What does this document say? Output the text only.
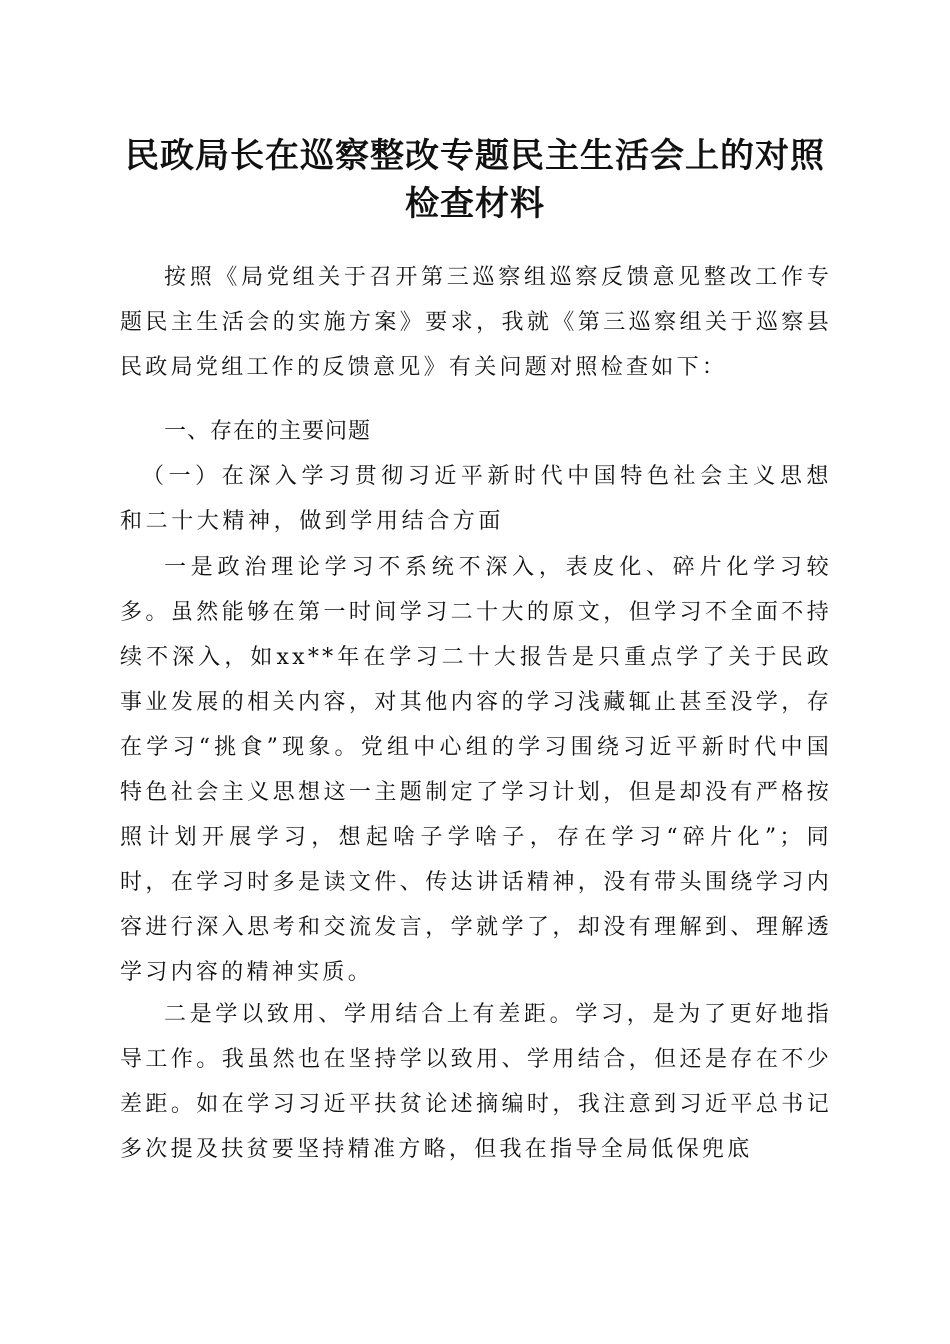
民政局长在巡察整改专题民主生活会上的对照
检查材料

按照《局党组关于召开第三巡察组巡察反馈意见整改工作专题民主生活会的实施方案》要求，我就《第三巡察组关于巡察县民政局党组工作的反馈意见》有关问题对照检查如下：

一、存在的主要问题

（一）在深入学习贯彻习近平新时代中国特色社会主义思想和二十大精神，做到学用结合方面

一是政治理论学习不系统不深入，表皮化、碎片化学习较多。虽然能够在第一时间学习二十大的原文，但学习不全面不持续不深入，如xx**年在学习二十大报告是只重点学了关于民政事业发展的相关内容，对其他内容的学习浅藏辄止甚至没学，存在学习“挑食”现象。党组中心组的学习围绕习近平新时代中国特色社会主义思想这一主题制定了学习计划，但是却没有严格按照计划开展学习，想起啥子学啥子，存在学习“碎片化”；同时，在学习时多是读文件、传达讲话精神，没有带头围绕学习内容进行深入思考和交流发言，学就学了，却没有理解到、理解透学习内容的精神实质。

二是学以致用、学用结合上有差距。学习，是为了更好地指导工作。我虽然也在坚持学以致用、学用结合，但还是存在不少差距。如在学习习近平扶贫论述摘编时，我注意到习近平总书记多次提及扶贫要坚持精准方略，但我在指导全局低保兜底
